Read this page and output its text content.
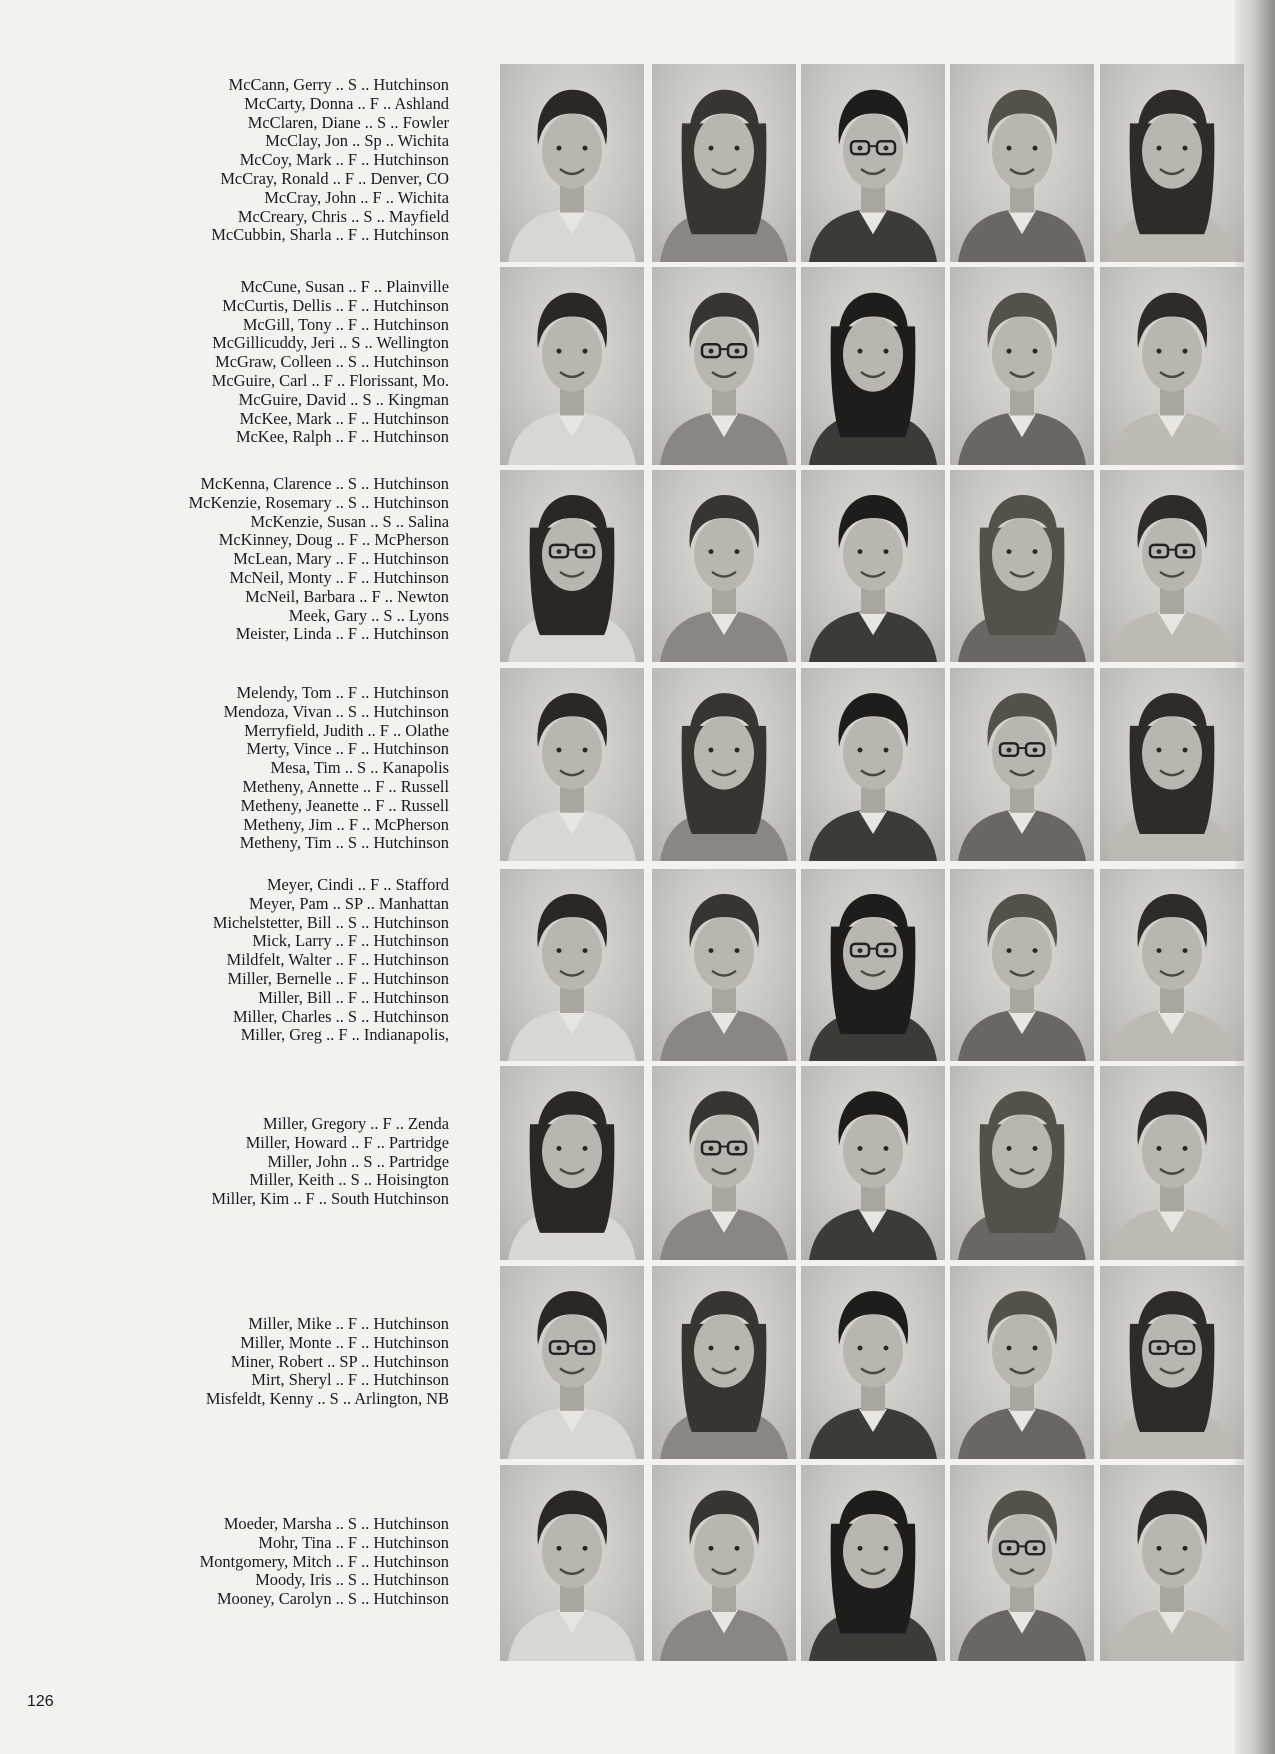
McCann, Gerry .. S .. Hutchinson
McCarty, Donna .. F .. Ashland
McClaren, Diane .. S .. Fowler
McClay, Jon .. Sp .. Wichita
McCoy, Mark .. F .. Hutchinson
McCray, Ronald .. F .. Denver, CO
McCray, John .. F .. Wichita
McCreary, Chris .. S .. Mayfield
McCubbin, Sharla .. F .. Hutchinson
McCune, Susan .. F .. Plainville
McCurtis, Dellis .. F .. Hutchinson
McGill, Tony .. F .. Hutchinson
McGillicuddy, Jeri .. S .. Wellington
McGraw, Colleen .. S .. Hutchinson
McGuire, Carl .. F .. Florissant, Mo.
McGuire, David .. S .. Kingman
McKee, Mark .. F .. Hutchinson
McKee, Ralph .. F .. Hutchinson
McKenna, Clarence .. S .. Hutchinson
McKenzie, Rosemary .. S .. Hutchinson
McKenzie, Susan .. S .. Salina
McKinney, Doug .. F .. McPherson
McLean, Mary .. F .. Hutchinson
McNeil, Monty .. F .. Hutchinson
McNeil, Barbara .. F .. Newton
Meek, Gary .. S .. Lyons
Meister, Linda .. F .. Hutchinson
Melendy, Tom .. F .. Hutchinson
Mendoza, Vivan .. S .. Hutchinson
Merryfield, Judith .. F .. Olathe
Merty, Vince .. F .. Hutchinson
Mesa, Tim .. S .. Kanapolis
Metheny, Annette .. F .. Russell
Metheny, Jeanette .. F .. Russell
Metheny, Jim .. F .. McPherson
Metheny, Tim .. S .. Hutchinson
Meyer, Cindi .. F .. Stafford
Meyer, Pam .. SP .. Manhattan
Michelstetter, Bill .. S .. Hutchinson
Mick, Larry .. F .. Hutchinson
Mildfelt, Walter .. F .. Hutchinson
Miller, Bernelle .. F .. Hutchinson
Miller, Bill .. F .. Hutchinson
Miller, Charles .. S .. Hutchinson
Miller, Greg .. F .. Indianapolis,
Miller, Gregory .. F .. Zenda
Miller, Howard .. F .. Partridge
Miller, John .. S .. Partridge
Miller, Keith .. S .. Hoisington
Miller, Kim .. F .. South Hutchinson
Miller, Mike .. F .. Hutchinson
Miller, Monte .. F .. Hutchinson
Miner, Robert .. SP .. Hutchinson
Mirt, Sheryl .. F .. Hutchinson
Misfeldt, Kenny .. S .. Arlington, NB
Moeder, Marsha .. S .. Hutchinson
Mohr, Tina .. F .. Hutchinson
Montgomery, Mitch .. F .. Hutchinson
Moody, Iris .. S .. Hutchinson
Mooney, Carolyn .. S .. Hutchinson
126
